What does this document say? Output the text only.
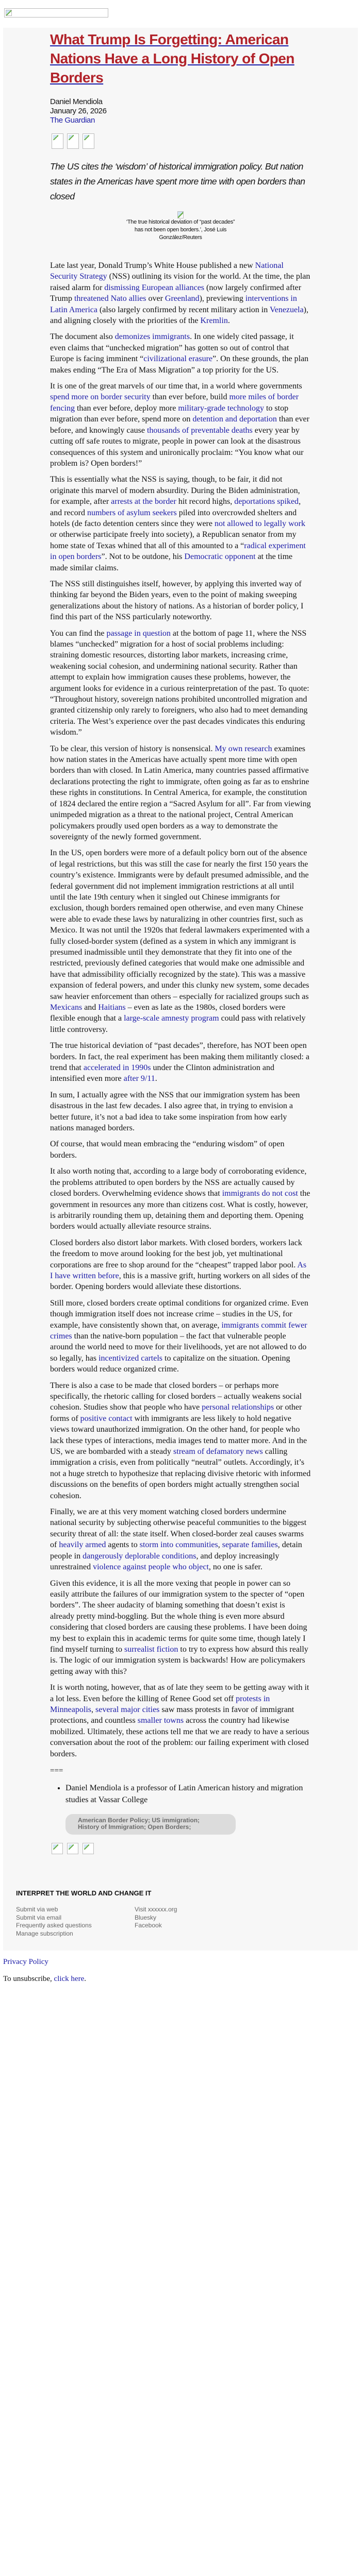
What Trump Is Forgetting: American Nations Have a Long History of Open Borders
Daniel Mendiola
January 26, 2026
The Guardian

The US cites the ‘wisdom’ of historical immigration policy. But nation states in the Americas have spent more time with open borders than closed

‘The true historical deviation of “past decades” has not been open borders.’, José Luis González/Reuters

Late last year, Donald Trump’s White House published a new National Security Strategy (NSS) outlining its vision for the world. At the time, the plan raised alarm for dismissing European alliances (now largely confirmed after Trump threatened Nato allies over Greenland), previewing interventions in Latin America (also largely confirmed by recent military action in Venezuela), and aligning closely with the priorities of the Kremlin.

The document also demonizes immigrants. In one widely cited passage, it even claims that “unchecked migration” has gotten so out of control that Europe is facing imminent “civilizational erasure”. On these grounds, the plan makes ending “The Era of Mass Migration” a top priority for the US.

It is one of the great marvels of our time that, in a world where governments spend more on border security than ever before, build more miles of border fencing than ever before, deploy more military-grade technology to stop migration than ever before, spend more on detention and deportation than ever before, and knowingly cause thousands of preventable deaths every year by cutting off safe routes to migrate, people in power can look at the disastrous consequences of this system and unironically proclaim: “You know what our problem is? Open borders!”

This is essentially what the NSS is saying, though, to be fair, it did not originate this marvel of modern absurdity. During the Biden administration, for example, after arrests at the border hit record highs, deportations spiked, and record numbers of asylum seekers piled into overcrowded shelters and hotels (de facto detention centers since they were not allowed to legally work or otherwise participate freely into society), a Republican senator from my home state of Texas whined that all of this amounted to a “radical experiment in open borders”. Not to be outdone, his Democratic opponent at the time made similar claims.

The NSS still distinguishes itself, however, by applying this inverted way of thinking far beyond the Biden years, even to the point of making sweeping generalizations about the history of nations. As a historian of border policy, I find this part of the NSS particularly noteworthy.

You can find the passage in question at the bottom of page 11, where the NSS blames “unchecked” migration for a host of social problems including: straining domestic resources, distorting labor markets, increasing crime, weakening social cohesion, and undermining national security. Rather than attempt to explain how immigration causes these problems, however, the argument looks for evidence in a curious reinterpretation of the past. To quote: “Throughout history, sovereign nations prohibited uncontrolled migration and granted citizenship only rarely to foreigners, who also had to meet demanding criteria. The West’s experience over the past decades vindicates this enduring wisdom.”

To be clear, this version of history is nonsensical. My own research examines how nation states in the Americas have actually spent more time with open borders than with closed. In Latin America, many countries passed affirmative declarations protecting the right to immigrate, often going as far as to enshrine these rights in constitutions. In Central America, for example, the constitution of 1824 declared the entire region a “Sacred Asylum for all”. Far from viewing unimpeded migration as a threat to the national project, Central American policymakers proudly used open borders as a way to demonstrate the sovereignty of the newly formed government.

In the US, open borders were more of a default policy born out of the absence of legal restrictions, but this was still the case for nearly the first 150 years the country’s existence. Immigrants were by default presumed admissible, and the federal government did not implement immigration restrictions at all until until the late 19th century when it singled out Chinese immigrants for exclusion, though borders remained open otherwise, and even many Chinese were able to evade these laws by naturalizing in other countries first, such as Mexico. It was not until the 1920s that federal lawmakers experimented with a fully closed-border system (defined as a system in which any immigrant is presumed inadmissible until they demonstrate that they fit into one of the restricted, previously defined categories that would make one admissible and have that admissibility officially recognized by the state). This was a massive expansion of federal powers, and under this clunky new system, some decades saw heavier enforcement than others – especially for racialized groups such as Mexicans and Haitians – even as late as the 1980s, closed borders were flexible enough that a large-scale amnesty program could pass with relatively little controversy.

The true historical deviation of “past decades”, therefore, has NOT been open borders. In fact, the real experiment has been making them militantly closed: a trend that accelerated in 1990s under the Clinton administration and intensified even more after 9/11.

In sum, I actually agree with the NSS that our immigration system has been disastrous in the last few decades. I also agree that, in trying to envision a better future, it’s not a bad idea to take some inspiration from how early nations managed borders.

Of course, that would mean embracing the “enduring wisdom” of open borders.

It also worth noting that, according to a large body of corroborating evidence, the problems attributed to open borders by the NSS are actually caused by closed borders. Overwhelming evidence shows that immigrants do not cost the government in resources any more than citizens cost. What is costly, however, is arbitrarily rounding them up, detaining them and deporting them. Opening borders would actually alleviate resource strains.

Closed borders also distort labor markets. With closed borders, workers lack the freedom to move around looking for the best job, yet multinational corporations are free to shop around for the “cheapest” trapped labor pool. As I have written before, this is a massive grift, hurting workers on all sides of the border. Opening borders would alleviate these distortions.

Still more, closed borders create optimal conditions for organized crime. Even though immigration itself does not increase crime – studies in the US, for example, have consistently shown that, on average, immigrants commit fewer crimes than the native-born population – the fact that vulnerable people around the world need to move for their livelihoods, yet are not allowed to do so legally, has incentivized cartels to capitalize on the situation. Opening borders would reduce organized crime.

There is also a case to be made that closed borders – or perhaps more specifically, the rhetoric calling for closed borders – actually weakens social cohesion. Studies show that people who have personal relationships or other forms of positive contact with immigrants are less likely to hold negative views toward unauthorized immigration. On the other hand, for people who lack these types of interactions, media images tend to matter more. And in the US, we are bombarded with a steady stream of defamatory news calling immigration a crisis, even from politically “neutral” outlets. Accordingly, it’s not a huge stretch to hypothesize that replacing divisive rhetoric with informed discussions on the benefits of open borders might actually strengthen social cohesion.

Finally, we are at this very moment watching closed borders undermine national security by subjecting otherwise peaceful communities to the biggest security threat of all: the state itself. When closed-border zeal causes swarms of heavily armed agents to storm into communities, separate families, detain people in dangerously deplorable conditions, and deploy increasingly unrestrained violence against people who object, no one is safer.

Given this evidence, it is all the more vexing that people in power can so easily attribute the failures of our immigration system to the specter of “open borders”. The sheer audacity of blaming something that doesn’t exist is already pretty mind-boggling. But the whole thing is even more absurd considering that closed borders are causing these problems. I have been doing my best to explain this in academic terms for quite some time, though lately I find myself turning to surrealist fiction to try to express how absurd this really is. The logic of our immigration system is backwards! How are policymakers getting away with this?

It is worth noting, however, that as of late they seem to be getting away with it a lot less. Even before the killing of Renee Good set off protests in Minneapolis, several major cities saw mass protests in favor of immigrant protections, and countless smaller towns across the country had likewise mobilized. Ultimately, these actions tell me that we are ready to have a serious conversation about the root of the problem: our failing experiment with closed borders.

===
• Daniel Mendiola is a professor of Latin American history and migration studies at Vassar College
American Border Policy; US immigration; History of Immigration; Open Borders;
INTERPRET THE WORLD AND CHANGE IT
Submit via web
Submit via email
Frequently asked questions
Manage subscription
Visit xxxxxx.org
Bluesky
Facebook

Privacy Policy

To unsubscribe, click here.
